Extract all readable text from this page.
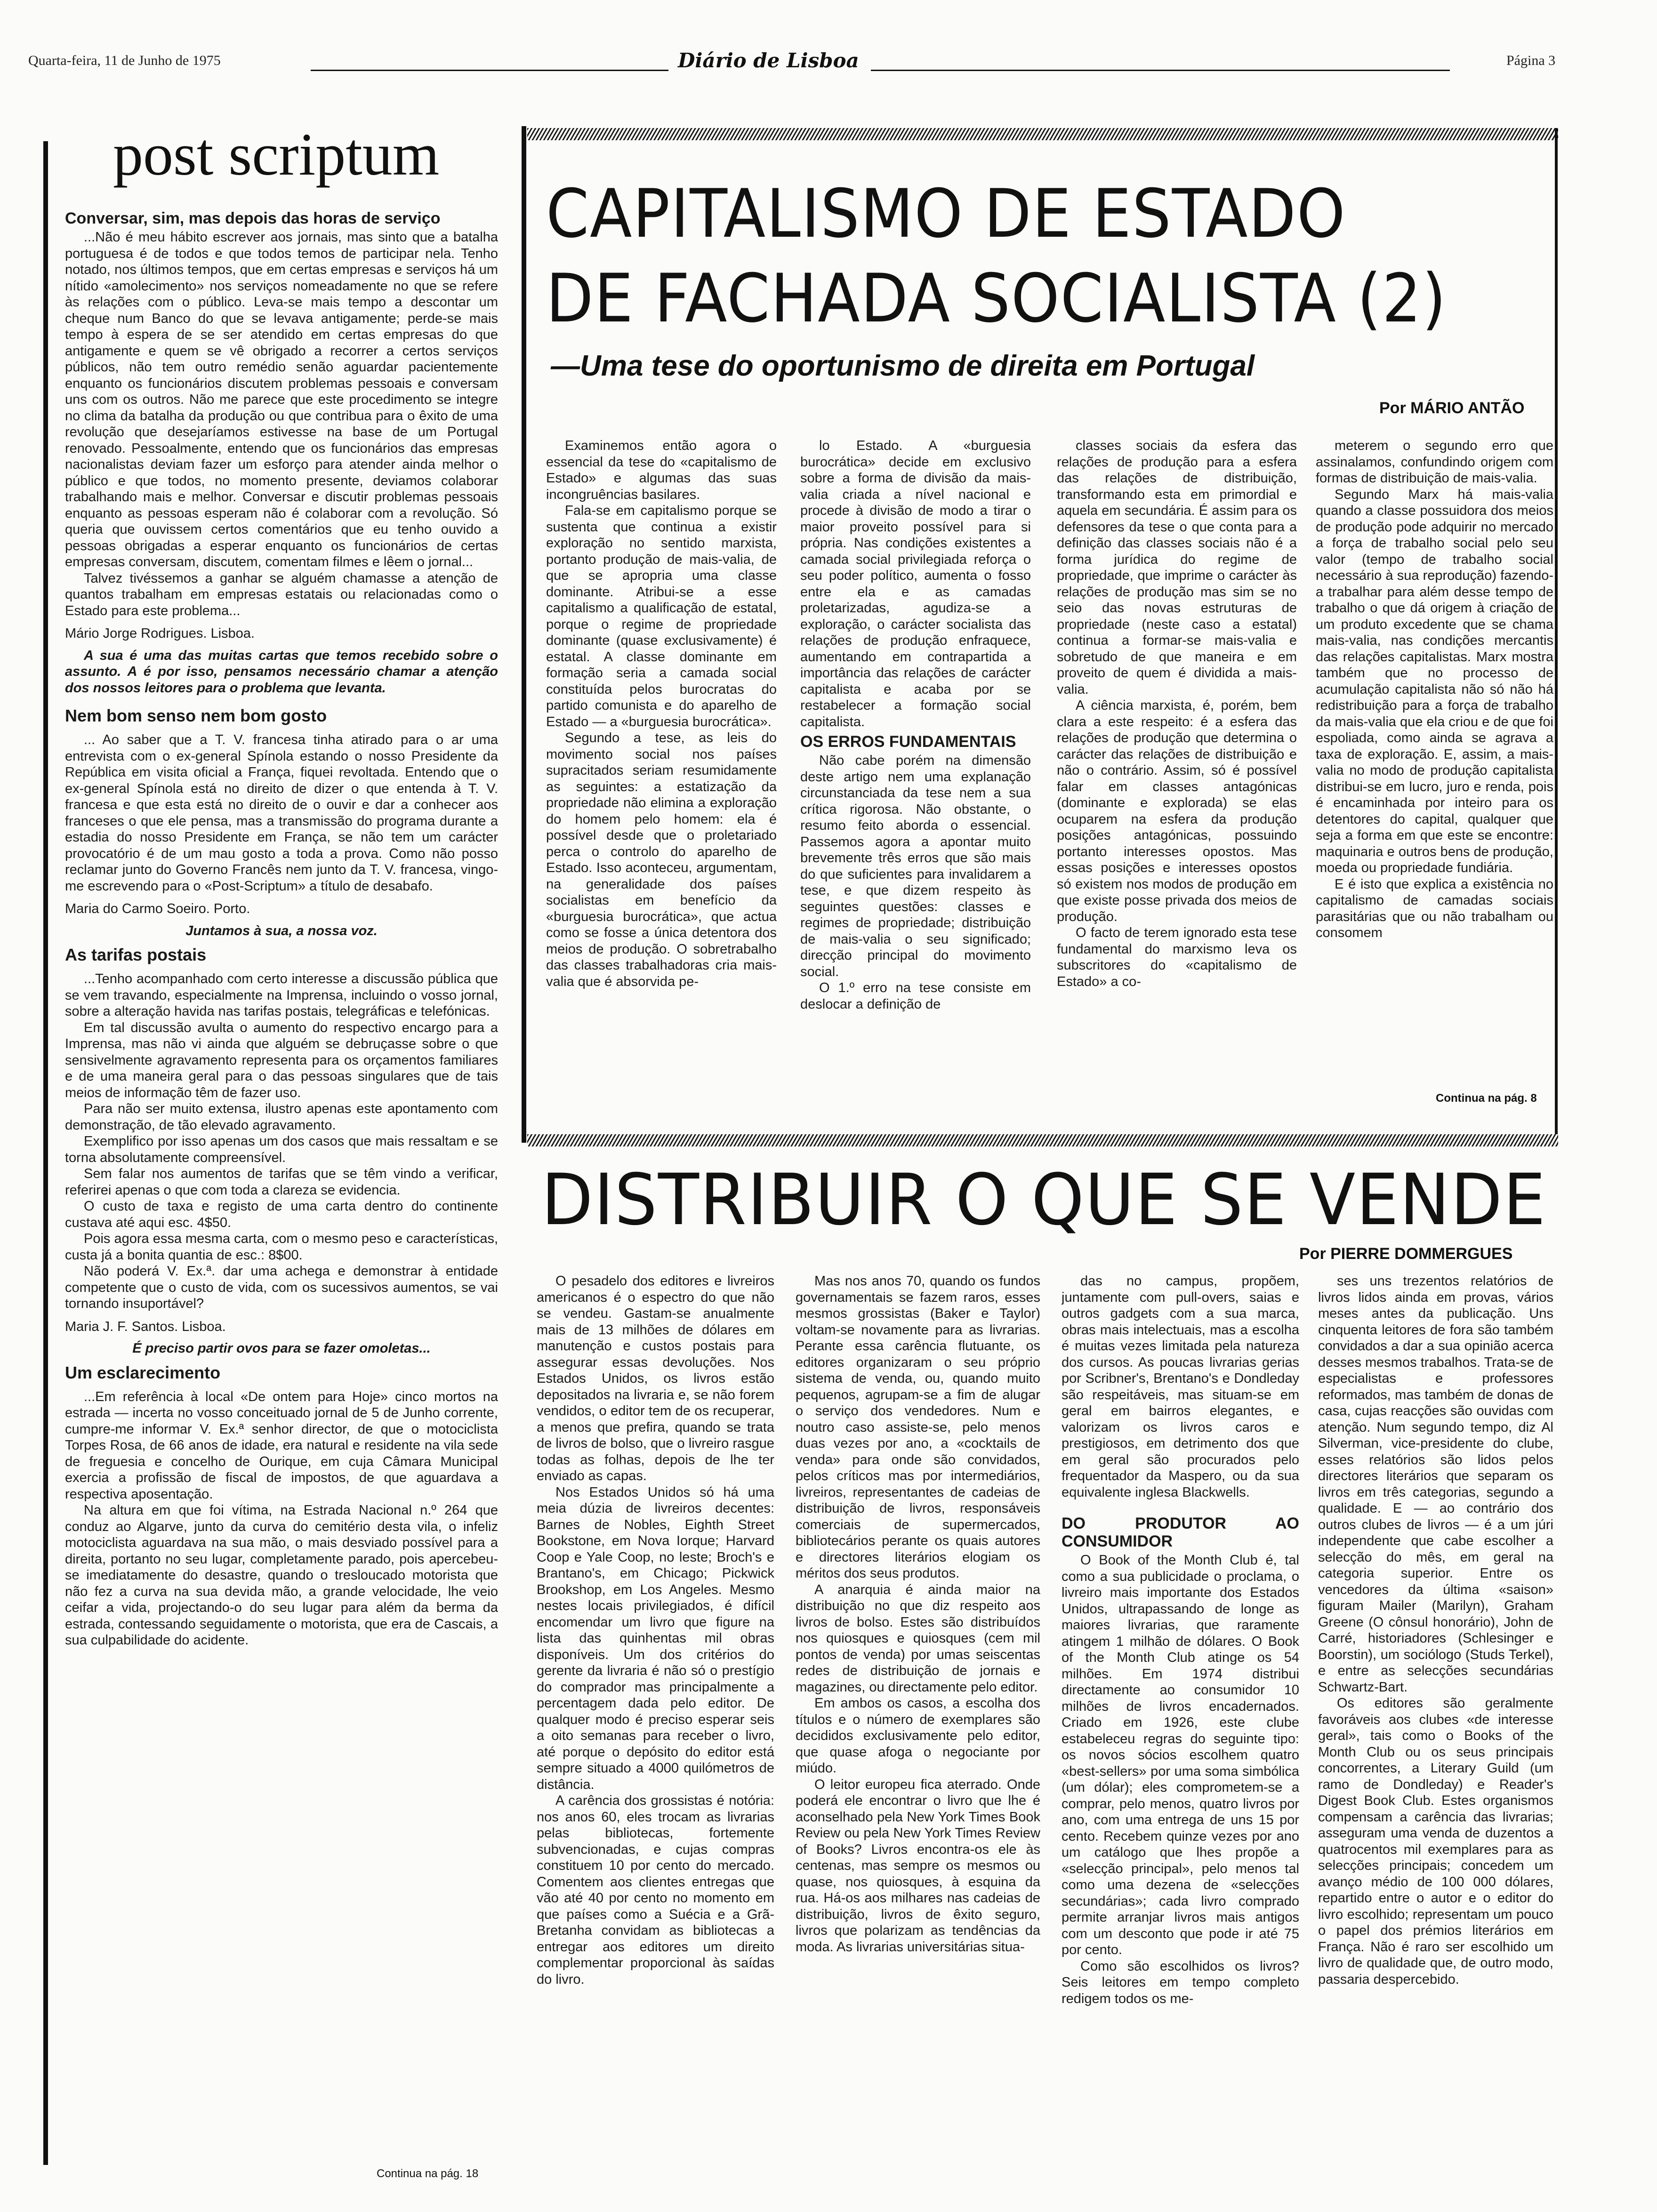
Quarta-feira, 11 de Junho de 1975	Diário de Lisboa	Página 3
post scriptum

Conversar, sim, mas depois das horas de serviço

...Não é meu hábito escrever aos jornais, mas sinto que a batalha portuguesa é de todos e que todos temos de participar nela. Tenho notado, nos últimos tempos, que em certas empresas e serviços há um nítido «amolecimento» nos serviços nomeadamente no que se refere às relações com o público. Leva-se mais tempo a descontar um cheque num Banco do que se levava antigamente; perde-se mais tempo à espera de se ser atendido em certas empresas do que antigamente e quem se vê obrigado a recorrer a certos serviços públicos, não tem outro remédio senão aguardar pacientemente enquanto os funcionários discutem problemas pessoais e conversam uns com os outros. Não me parece que este procedimento se integre no clima da batalha da produção ou que contribua para o êxito de uma revolução que desejaríamos estivesse na base de um Portugal renovado. Pessoalmente, entendo que os funcionários das empresas nacionalistas deviam fazer um esforço para atender ainda melhor o público e que todos, no momento presente, deviamos colaborar trabalhando mais e melhor. Conversar e discutir problemas pessoais enquanto as pessoas esperam não é colaborar com a revolução. Só queria que ouvissem certos comentários que eu tenho ouvido a pessoas obrigadas a esperar enquanto os funcionários de certas empresas conversam, discutem, comentam filmes e lêem o jornal...

Talvez tivéssemos a ganhar se alguém chamasse a atenção de quantos trabalham em empresas estatais ou relacionadas como o Estado para este problema...

Mário Jorge Rodrigues. Lisboa.

A sua é uma das muitas cartas que temos recebido sobre o assunto. A é por isso, pensamos necessário chamar a atenção dos nossos leitores para o problema que levanta.

Nem bom senso nem bom gosto

... Ao saber que a T. V. francesa tinha atirado para o ar uma entrevista com o ex-general Spínola estando o nosso Presidente da República em visita oficial a França, fiquei revoltada. Entendo que o ex-general Spínola está no direito de dizer o que entenda à T. V. francesa e que esta está no direito de o ouvir e dar a conhecer aos franceses o que ele pensa, mas a transmissão do programa durante a estadia do nosso Presidente em França, se não tem um carácter provocatório é de um mau gosto a toda a prova. Como não posso reclamar junto do Governo Francês nem junto da T. V. francesa, vingo-me escrevendo para o «Post-Scriptum» a título de desabafo.

Maria do Carmo Soeiro. Porto.

Juntamos à sua, a nossa voz.

As tarifas postais

...Tenho acompanhado com certo interesse a discussão pública que se vem travando, especialmente na Imprensa, incluindo o vosso jornal, sobre a alteração havida nas tarifas postais, telegráficas e telefónicas.

Em tal discussão avulta o aumento do respectivo encargo para a Imprensa, mas não vi ainda que alguém se debruçasse sobre o que sensivelmente agravamento representa para os orçamentos familiares e de uma maneira geral para o das pessoas singulares que de tais meios de informação têm de fazer uso.

Para não ser muito extensa, ilustro apenas este apontamento com demonstração, de tão elevado agravamento.

Exemplifico por isso apenas um dos casos que mais ressaltam e se torna absolutamente compreensível.

Sem falar nos aumentos de tarifas que se têm vindo a verificar, referirei apenas o que com toda a clareza se evidencia.

O custo de taxa e registo de uma carta dentro do continente custava até aqui esc. 4$50.

Pois agora essa mesma carta, com o mesmo peso e características, custa já a bonita quantia de esc.: 8$00.

Não poderá V. Ex.ª. dar uma achega e demonstrar à entidade competente que o custo de vida, com os sucessivos aumentos, se vai tornando insuportável?

Maria J. F. Santos. Lisboa.

É preciso partir ovos para se fazer omoletas...

Um esclarecimento

...Em referência à local «De ontem para Hoje» cinco mortos na estrada — incerta no vosso conceituado jornal de 5 de Junho corrente, cumpre-me informar V. Ex.ª senhor director, de que o motociclista Torpes Rosa, de 66 anos de idade, era natural e residente na vila sede de freguesia e concelho de Ourique, em cuja Câmara Municipal exercia a profissão de fiscal de impostos, de que aguardava a respectiva aposentação.

Na altura em que foi vítima, na Estrada Nacional n.º 264 que conduz ao Algarve, junto da curva do cemitério desta vila, o infeliz motociclista aguardava na sua mão, o mais desviado possível para a direita, portanto no seu lugar, completamente parado, pois apercebeu-se imediatamente do desastre, quando o tresloucado motorista que não fez a curva na sua devida mão, a grande velocidade, lhe veio ceifar a vida, projectando-o do seu lugar para além da berma da estrada, contessando seguidamente o motorista, que era de Cascais, a sua culpabilidade do acidente.

Continua na pág. 18
CAPITALISMO DE ESTADO
DE FACHADA SOCIALISTA (2)
—Uma tese do oportunismo de direita em Portugal
Por MÁRIO ANTÃO

Examinemos então agora o essencial da tese do «capitalismo de Estado» e algumas das suas incongruências basilares.

Fala-se em capitalismo porque se sustenta que continua a existir exploração no sentido marxista, portanto produção de mais-valia, de que se apropria uma classe dominante. Atribui-se a esse capitalismo a qualificação de estatal, porque o regime de propriedade dominante (quase exclusivamente) é estatal. A classe dominante em formação seria a camada social constituída pelos burocratas do partido comunista e do aparelho de Estado — a «burguesia burocrática».

Segundo a tese, as leis do movimento social nos países supracitados seriam resumidamente as seguintes: a estatização da propriedade não elimina a exploração do homem pelo homem: ela é possível desde que o proletariado perca o controlo do aparelho de Estado. Isso aconteceu, argumentam, na generalidade dos países socialistas em benefício da «burguesia burocrática», que actua como se fosse a única detentora dos meios de produção. O sobretrabalho das classes trabalhadoras cria mais-valia que é absorvida pe-

lo Estado. A «burguesia burocrática» decide em exclusivo sobre a forma de divisão da mais-valia criada a nível nacional e procede à divisão de modo a tirar o maior proveito possível para si própria. Nas condições existentes a camada social privilegiada reforça o seu poder político, aumenta o fosso entre ela e as camadas proletarizadas, agudiza-se a exploração, o carácter socialista das relações de produção enfraquece, aumentando em contrapartida a importância das relações de carácter capitalista e acaba por se restabelecer a formação social capitalista.

OS ERROS FUNDAMENTAIS

Não cabe porém na dimensão deste artigo nem uma explanação circunstanciada da tese nem a sua crítica rigorosa. Não obstante, o resumo feito aborda o essencial. Passemos agora a apontar muito brevemente três erros que são mais do que suficientes para invalidarem a tese, e que dizem respeito às seguintes questões: classes e regimes de propriedade; distribuição de mais-valia o seu significado; direcção principal do movimento social.

O 1.º erro na tese consiste em deslocar a definição de

classes sociais da esfera das relações de produção para a esfera das relações de distribuição, transformando esta em primordial e aquela em secundária. É assim para os defensores da tese o que conta para a definição das classes sociais não é a forma jurídica do regime de propriedade, que imprime o carácter às relações de produção mas sim se no seio das novas estruturas de propriedade (neste caso a estatal) continua a formar-se mais-valia e sobretudo de que maneira e em proveito de quem é dividida a mais-valia.

A ciência marxista, é, porém, bem clara a este respeito: é a esfera das relações de produção que determina o carácter das relações de distribuição e não o contrário. Assim, só é possível falar em classes antagónicas (dominante e explorada) se elas ocuparem na esfera da produção posições antagónicas, possuindo portanto interesses opostos. Mas essas posições e interesses opostos só existem nos modos de produção em que existe posse privada dos meios de produção.

O facto de terem ignorado esta tese fundamental do marxismo leva os subscritores do «capitalismo de Estado» a co-

meterem o segundo erro que assinalamos, confundindo origem com formas de distribuição de mais-valia.

Segundo Marx há mais-valia quando a classe possuidora dos meios de produção pode adquirir no mercado a força de trabalho social pelo seu valor (tempo de trabalho social necessário à sua reprodução) fazendo-a trabalhar para além desse tempo de trabalho o que dá origem à criação de um produto excedente que se chama mais-valia, nas condições mercantis das relações capitalistas. Marx mostra também que no processo de acumulação capitalista não só não há redistribuição para a força de trabalho da mais-valia que ela criou e de que foi espoliada, como ainda se agrava a taxa de exploração. E, assim, a mais-valia no modo de produção capitalista distribui-se em lucro, juro e renda, pois é encaminhada por inteiro para os detentores do capital, qualquer que seja a forma em que este se encontre: maquinaria e outros bens de produção, moeda ou propriedade fundiária.

E é isto que explica a existência no capitalismo de camadas sociais parasitárias que ou não trabalham ou consomem

Continua na pág. 8
DISTRIBUIR O QUE SE VENDE
Por PIERRE DOMMERGUES

O pesadelo dos editores e livreiros americanos é o espectro do que não se vendeu. Gastam-se anualmente mais de 13 milhões de dólares em manutenção e custos postais para assegurar essas devoluções. Nos Estados Unidos, os livros estão depositados na livraria e, se não forem vendidos, o editor tem de os recuperar, a menos que prefira, quando se trata de livros de bolso, que o livreiro rasgue todas as folhas, depois de lhe ter enviado as capas.

Nos Estados Unidos só há uma meia dúzia de livreiros decentes: Barnes de Nobles, Eighth Street Bookstone, em Nova Iorque; Harvard Coop e Yale Coop, no leste; Broch's e Brantano's, em Chicago; Pickwick Brookshop, em Los Angeles. Mesmo nestes locais privilegiados, é difícil encomendar um livro que figure na lista das quinhentas mil obras disponíveis. Um dos critérios do gerente da livraria é não só o prestígio do comprador mas principalmente a percentagem dada pelo editor. De qualquer modo é preciso esperar seis a oito semanas para receber o livro, até porque o depósito do editor está sempre situado a 4000 quilómetros de distância.

A carência dos grossistas é notória: nos anos 60, eles trocam as livrarias pelas bibliotecas, fortemente subvencionadas, e cujas compras constituem 10 por cento do mercado. Comentem aos clientes entregas que vão até 40 por cento no momento em que países como a Suécia e a Grã-Bretanha convidam as bibliotecas a entregar aos editores um direito complementar proporcional às saídas do livro.

Mas nos anos 70, quando os fundos governamentais se fazem raros, esses mesmos grossistas (Baker e Taylor) voltam-se novamente para as livrarias. Perante essa carência flutuante, os editores organizaram o seu próprio sistema de venda, ou, quando muito pequenos, agrupam-se a fim de alugar o serviço dos vendedores. Num e noutro caso assiste-se, pelo menos duas vezes por ano, a «cocktails de venda» para onde são convidados, pelos críticos mas por intermediários, livreiros, representantes de cadeias de distribuição de livros, responsáveis comerciais de supermercados, bibliotecários perante os quais autores e directores literários elogiam os méritos dos seus produtos.

A anarquia é ainda maior na distribuição no que diz respeito aos livros de bolso. Estes são distribuídos nos quiosques e quiosques (cem mil pontos de venda) por umas seiscentas redes de distribuição de jornais e magazines, ou directamente pelo editor.

Em ambos os casos, a escolha dos títulos e o número de exemplares são decididos exclusivamente pelo editor, que quase afoga o negociante por miúdo.

O leitor europeu fica aterrado. Onde poderá ele encontrar o livro que lhe é aconselhado pela New York Times Book Review ou pela New York Times Review of Books? Livros encontra-os ele às centenas, mas sempre os mesmos ou quase, nos quiosques, à esquina da rua. Há-os aos milhares nas cadeias de distribuição, livros de êxito seguro, livros que polarizam as tendências da moda. As livrarias universitárias situa-

das no campus, propõem, juntamente com pull-overs, saias e outros gadgets com a sua marca, obras mais intelectuais, mas a escolha é muitas vezes limitada pela natureza dos cursos. As poucas livrarias gerias por Scribner's, Brentano's e Dondleday são respeitáveis, mas situam-se em geral em bairros elegantes, e valorizam os livros caros e prestigiosos, em detrimento dos que em geral são procurados pelo frequentador da Maspero, ou da sua equivalente inglesa Blackwells.

DO PRODUTOR AO CONSUMIDOR

O Book of the Month Club é, tal como a sua publicidade o proclama, o livreiro mais importante dos Estados Unidos, ultrapassando de longe as maiores livrarias, que raramente atingem 1 milhão de dólares. O Book of the Month Club atinge os 54 milhões. Em 1974 distribui directamente ao consumidor 10 milhões de livros encadernados. Criado em 1926, este clube estabeleceu regras do seguinte tipo: os novos sócios escolhem quatro «best-sellers» por uma soma simbólica (um dólar); eles comprometem-se a comprar, pelo menos, quatro livros por ano, com uma entrega de uns 15 por cento. Recebem quinze vezes por ano um catálogo que lhes propõe a «selecção principal», pelo menos tal como uma dezena de «selecções secundárias»; cada livro comprado permite arranjar livros mais antigos com um desconto que pode ir até 75 por cento.

Como são escolhidos os livros? Seis leitores em tempo completo redigem todos os me-

ses uns trezentos relatórios de livros lidos ainda em provas, vários meses antes da publicação. Uns cinquenta leitores de fora são também convidados a dar a sua opinião acerca desses mesmos trabalhos. Trata-se de especialistas e professores reformados, mas também de donas de casa, cujas reacções são ouvidas com atenção. Num segundo tempo, diz Al Silverman, vice-presidente do clube, esses relatórios são lidos pelos directores literários que separam os livros em três categorias, segundo a qualidade. E — ao contrário dos outros clubes de livros — é a um júri independente que cabe escolher a selecção do mês, em geral na categoria superior. Entre os vencedores da última «saison» figuram Mailer (Marilyn), Graham Greene (O cônsul honorário), John de Carré, historiadores (Schlesinger e Boorstin), um sociólogo (Studs Terkel), e entre as selecções secundárias Schwartz-Bart.

Os editores são geralmente favoráveis aos clubes «de interesse geral», tais como o Books of the Month Club ou os seus principais concorrentes, a Literary Guild (um ramo de Dondleday) e Reader's Digest Book Club. Estes organismos compensam a carência das livrarias; asseguram uma venda de duzentos a quatrocentos mil exemplares para as selecções principais; concedem um avanço médio de 100 000 dólares, repartido entre o autor e o editor do livro escolhido; representam um pouco o papel dos prémios literários em França. Não é raro ser escolhido um livro de qualidade que, de outro modo, passaria despercebido.
